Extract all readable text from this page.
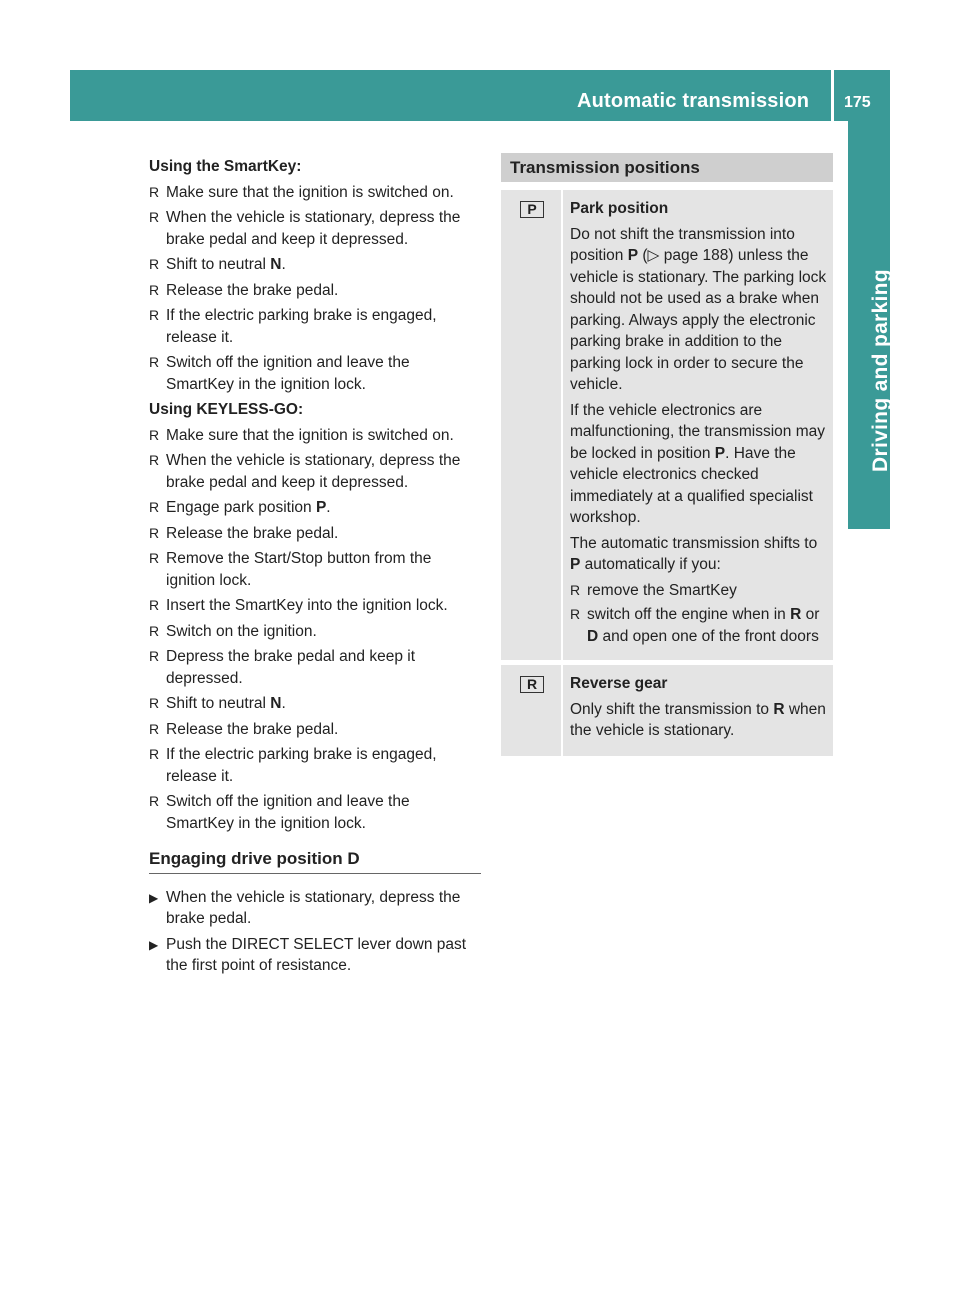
Automatic transmission 175
Driving and parking
Using the SmartKey:
R Make sure that the ignition is switched on.
R When the vehicle is stationary, depress the brake pedal and keep it depressed.
R Shift to neutral N.
R Release the brake pedal.
R If the electric parking brake is engaged, release it.
R Switch off the ignition and leave the SmartKey in the ignition lock.
Using KEYLESS-GO:
R Make sure that the ignition is switched on.
R When the vehicle is stationary, depress the brake pedal and keep it depressed.
R Engage park position P.
R Release the brake pedal.
R Remove the Start/Stop button from the ignition lock.
R Insert the SmartKey into the ignition lock.
R Switch on the ignition.
R Depress the brake pedal and keep it depressed.
R Shift to neutral N.
R Release the brake pedal.
R If the electric parking brake is engaged, release it.
R Switch off the ignition and leave the SmartKey in the ignition lock.
Engaging drive position D
▶ When the vehicle is stationary, depress the brake pedal.
▶ Push the DIRECT SELECT lever down past the first point of resistance.
Transmission positions
P	Park position
Do not shift the transmission into position P (▷ page 188) unless the vehicle is stationary. The parking lock should not be used as a brake when parking. Always apply the electronic parking brake in addition to the parking lock in order to secure the vehicle.
If the vehicle electronics are malfunctioning, the transmission may be locked in position P. Have the vehicle electronics checked immediately at a qualified specialist workshop.
The automatic transmission shifts to P automatically if you:
R remove the SmartKey
R switch off the engine when in R or D and open one of the front doors
R	Reverse gear
Only shift the transmission to R when the vehicle is stationary.
